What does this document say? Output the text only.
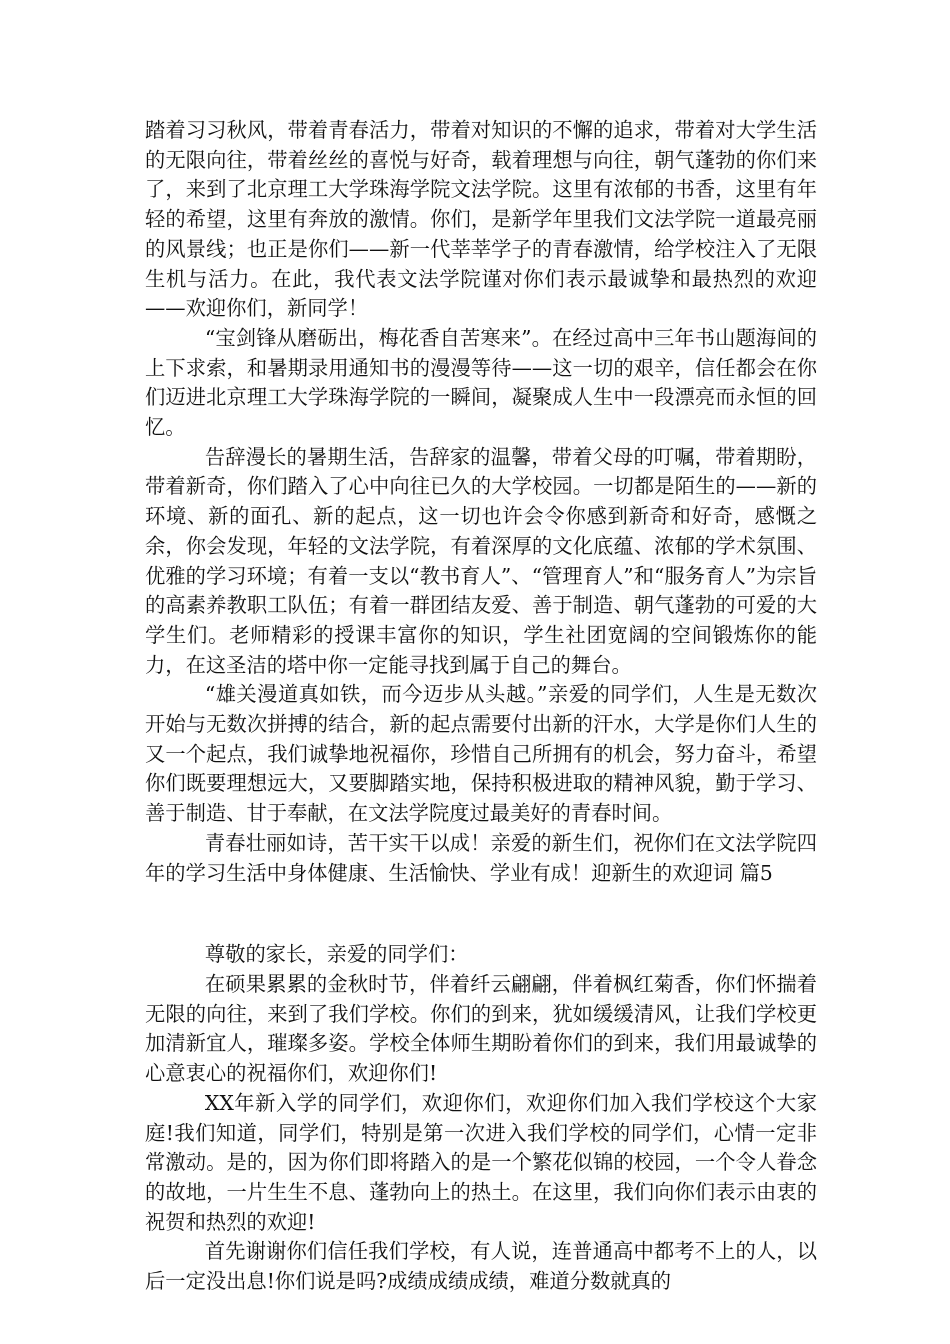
踏着习习秋风，带着青春活力，带着对知识的不懈的追求，带着对大学生活的无限向往，带着丝丝的喜悦与好奇，载着理想与向往，朝气蓬勃的你们来了，来到了北京理工大学珠海学院文法学院。这里有浓郁的书香，这里有年轻的希望，这里有奔放的激情。你们，是新学年里我们文法学院一道最亮丽的风景线；也正是你们——新一代莘莘学子的青春激情，给学校注入了无限生机与活力。在此，我代表文法学院谨对你们表示最诚挚和最热烈的欢迎——欢迎你们，新同学！

“宝剑锋从磨砺出，梅花香自苦寒来”。在经过高中三年书山题海间的上下求索，和暑期录用通知书的漫漫等待——这一切的艰辛，信任都会在你们迈进北京理工大学珠海学院的一瞬间，凝聚成人生中一段漂亮而永恒的回忆。

告辞漫长的暑期生活，告辞家的温馨，带着父母的叮嘱，带着期盼，带着新奇，你们踏入了心中向往已久的大学校园。一切都是陌生的——新的环境、新的面孔、新的起点，这一切也许会令你感到新奇和好奇，感慨之余，你会发现，年轻的文法学院，有着深厚的文化底蕴、浓郁的学术氛围、优雅的学习环境；有着一支以“教书育人”、“管理育人”和“服务育人”为宗旨的高素养教职工队伍；有着一群团结友爱、善于制造、朝气蓬勃的可爱的大学生们。老师精彩的授课丰富你的知识，学生社团宽阔的空间锻炼你的能力，在这圣洁的塔中你一定能寻找到属于自己的舞台。

“雄关漫道真如铁，而今迈步从头越。”亲爱的同学们，人生是无数次开始与无数次拼搏的结合，新的起点需要付出新的汗水，大学是你们人生的又一个起点，我们诚挚地祝福你，珍惜自己所拥有的机会，努力奋斗，希望你们既要理想远大，又要脚踏实地，保持积极进取的精神风貌，勤于学习、善于制造、甘于奉献，在文法学院度过最美好的青春时间。

青春壮丽如诗，苦干实干以成！亲爱的新生们，祝你们在文法学院四年的学习生活中身体健康、生活愉快、学业有成！迎新生的欢迎词 篇5

尊敬的家长，亲爱的同学们：

在硕果累累的金秋时节，伴着纤云翩翩，伴着枫红菊香，你们怀揣着无限的向往，来到了我们学校。你们的到来，犹如缓缓清风，让我们学校更加清新宜人，璀璨多姿。学校全体师生期盼着你们的到来，我们用最诚挚的心意衷心的祝福你们，欢迎你们!

XX年新入学的同学们，欢迎你们，欢迎你们加入我们学校这个大家庭!我们知道，同学们，特别是第一次进入我们学校的同学们，心情一定非常激动。是的，因为你们即将踏入的是一个繁花似锦的校园，一个令人眷念的故地，一片生生不息、蓬勃向上的热土。在这里，我们向你们表示由衷的祝贺和热烈的欢迎!

首先谢谢你们信任我们学校，有人说，连普通高中都考不上的人，以后一定没出息!你们说是吗?成绩成绩成绩，难道分数就真的
